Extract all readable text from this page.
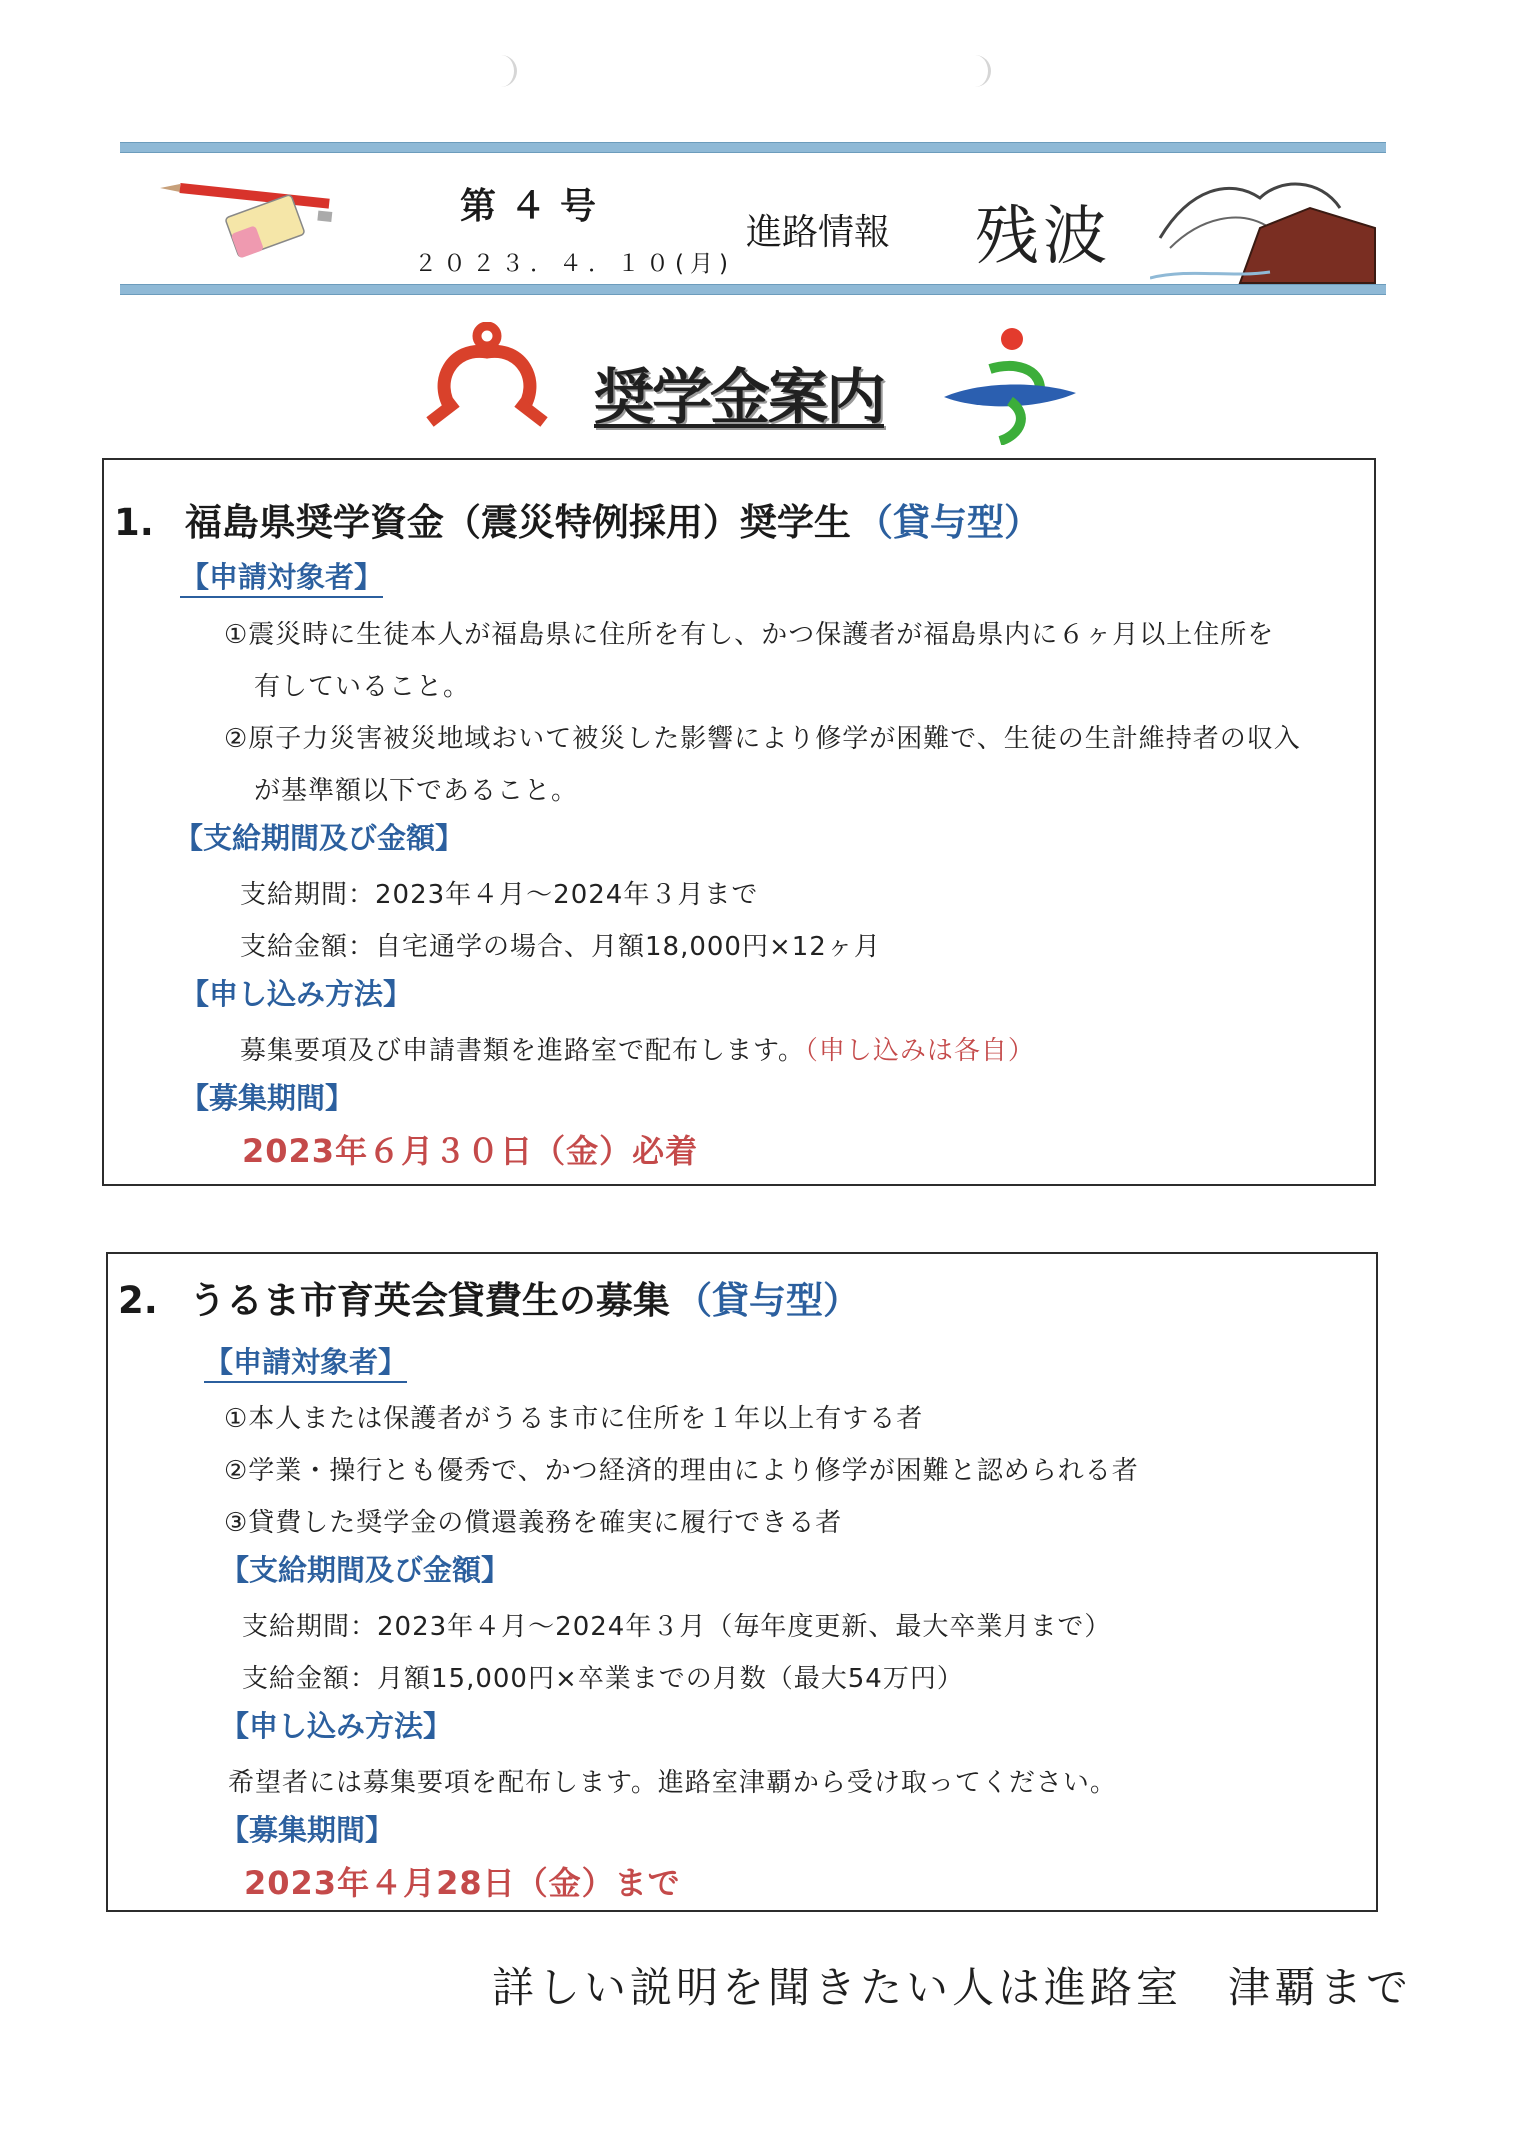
第４号
２０２３．４．１０(月)
進路情報 残波
奨学金案内
1. 福島県奨学資金（震災特例採用）奨学生 （貸与型）
【申請対象者】
①震災時に生徒本人が福島県に住所を有し、かつ保護者が福島県内に６ヶ月以上住所を
有していること。
②原子力災害被災地域おいて被災した影響により修学が困難で、生徒の生計維持者の収入
が基準額以下であること。
【支給期間及び金額】
支給期間：2023年４月～2024年３月まで
支給金額：自宅通学の場合、月額18,000円×12ヶ月
【申し込み方法】
募集要項及び申請書類を進路室で配布します。（申し込みは各自）
【募集期間】
2023年６月３０日（金）必着
2. うるま市育英会貸費生の募集 （貸与型）
【申請対象者】
①本人または保護者がうるま市に住所を１年以上有する者
②学業・操行とも優秀で、かつ経済的理由により修学が困難と認められる者
③貸費した奨学金の償還義務を確実に履行できる者
【支給期間及び金額】
支給期間：2023年４月～2024年３月（毎年度更新、最大卒業月まで）
支給金額：月額15,000円×卒業までの月数（最大54万円）
【申し込み方法】
希望者には募集要項を配布します。進路室津覇から受け取ってください。
【募集期間】
2023年４月28日（金）まで
詳しい説明を聞きたい人は進路室　津覇まで
